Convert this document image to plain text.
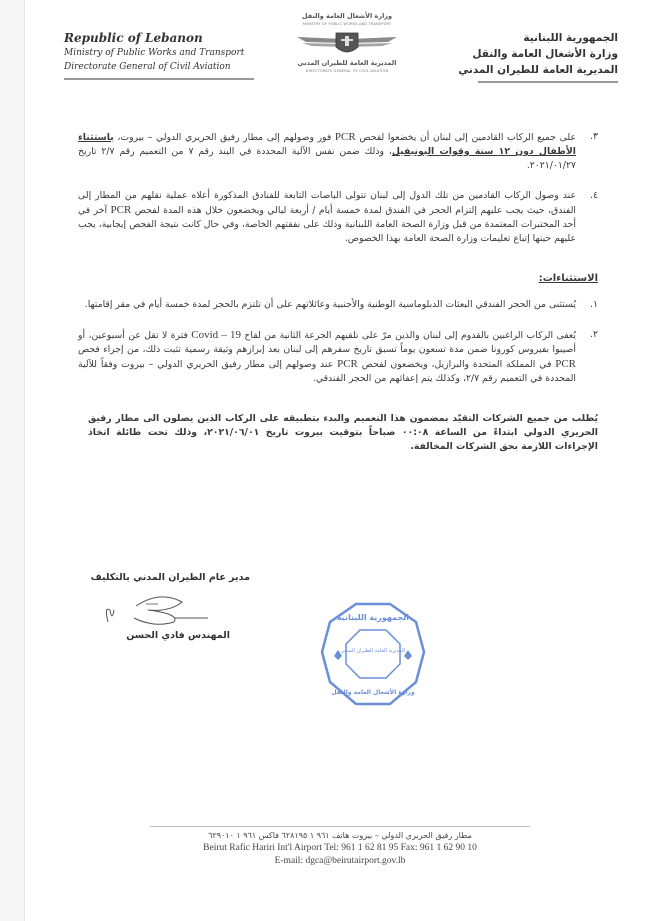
Republic of Lebanon
Ministry of Public Works and Transport
Directorate General of Civil Aviation
وزارة الأشغال العامة والنقل
MINISTRY OF PUBLIC WORKS AND TRANSPORT
المديرية العامة للطيران المدني
DIRECTORATE GENERAL OF CIVIL AVIATION
الجمهورية اللبنانية
وزارة الأشغال العامة والنقل
المديرية العامة للطيران المدني
٣.
على جميع الركاب القادمين إلى لبنان أن يخضعوا لفحص PCR فور وصولهم إلى مطار رفيق الحريري الدولي – بيروت، باستثناء الأطفال دون ١٢ سنة وقوات اليونيفيل، وذلك ضمن نفس الآلية المحددة في البند رقم ٧ من التعميم رقم ٢/٧ تاريخ ٢٠٢١/٠١/٢٧.
٤.
عند وصول الركاب القادمين من تلك الدول إلى لبنان تتولى الباصات التابعة للفنادق المذكورة أعلاه عملية نقلهم من المطار إلى الفندق، حيث يجب عليهم إلتزام الحجر في الفندق لمدة خمسة أيام / أربعة ليالي ويخضعون خلال هذه المدة لفحص PCR آخر في أحد المختبرات المعتمدة من قبل وزارة الصحة العامة اللبنانية وذلك على نفقتهم الخاصة، وفي حال كانت نتيجة الفحص إيجابية، يجب عليهم حينها إتباع تعليمات وزارة الصحة العامة بهذا الخصوص.
الاستثناءات:
١.
يُستثنى من الحجر الفندقي البعثات الدبلوماسية الوطنية والأجنبية وعائلاتهم على أن تلتزم بالحجر لمدة خمسة أيام في مقر إقامتها.
٢.
يُعفى الركاب الراغبين بالقدوم إلى لبنان والذين مرّ على تلقيهم الجرعة الثانية من لقاح Covid – 19 فترة لا تقل عن أسبوعين، أو أصيبوا بفيروس كورونا ضمن مدة تسعون يوماً تسبق تاريخ سفرهم إلى لبنان بعد إبرازهم وثيقة رسمية تثبت ذلك، من إجراء فحص PCR في المملكة المتحدة والبرازيل، ويخضعون لفحص PCR عند وصولهم إلى مطار رفيق الحريري الدولي – بيروت وفقاً للآلية المحددة في التعميم رقم ٢/٧، وكذلك يتم إعفائهم من الحجر الفندقي.
يُطلب من جميع الشركات التقيّد بمضمون هذا التعميم والبدء بتطبيقه على الركاب الذين يصلون الى مطار رفيق الحريري الدولي ابتداءً من الساعة ٠٠:٠٨ صباحاً بتوقيت بيروت تاريخ ٢٠٢١/٠٦/٠١، وذلك تحت طائلة اتخاذ الإجراءات اللازمة بحق الشركات المخالفة.
مدير عام الطيران المدني بالتكليف
المهندس فادي الحسن
الجمهورية اللبنانية
المديرية العامة للطيران المدني
وزارة الأشغال العامة والنقل
مطار رفيق الحريري الدولي – بيروت هاتف ٩٦١ ١ ٦٢٨١٩٥ فاكس ٩٦١ ١ ٦٢٩٠١٠
Beirut Rafic Hariri Int'l Airport Tel: 961 1 62 81 95 Fax: 961 1 62 90 10
E-mail: dgca@beirutairport.gov.lb
